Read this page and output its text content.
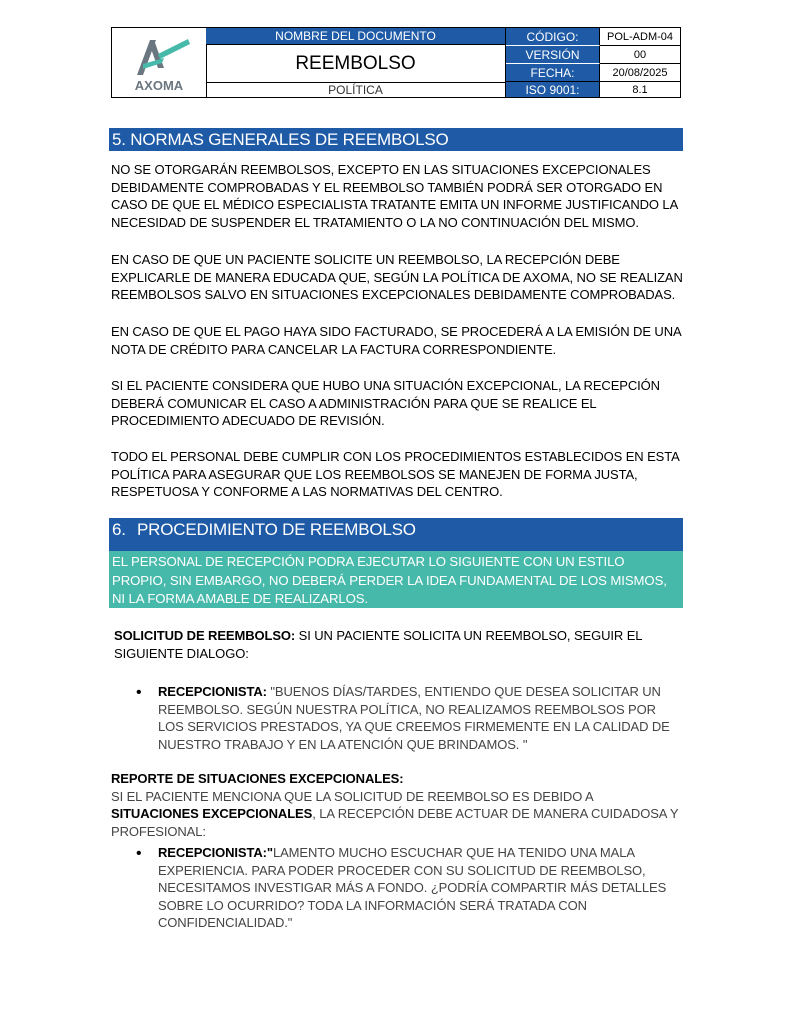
AXOMA
NOMBRE DEL DOCUMENTO
REEMBOLSO
POLÍTICA
CÓDIGO:
VERSIÓN
FECHA:
ISO 9001:
POL-ADM-04
00
20/08/2025
8.1
5. NORMAS GENERALES DE REEMBOLSO
NO SE OTORGARÁN REEMBOLSOS, EXCEPTO EN LAS SITUACIONES EXCEPCIONALES DEBIDAMENTE COMPROBADAS Y EL REEMBOLSO TAMBIÉN PODRÁ SER OTORGADO EN CASO DE QUE EL MÉDICO ESPECIALISTA TRATANTE EMITA UN INFORME JUSTIFICANDO LA NECESIDAD DE SUSPENDER EL TRATAMIENTO O LA NO CONTINUACIÓN DEL MISMO.
EN CASO DE QUE UN PACIENTE SOLICITE UN REEMBOLSO, LA RECEPCIÓN DEBE EXPLICARLE DE MANERA EDUCADA QUE, SEGÚN LA POLÍTICA DE AXOMA, NO SE REALIZAN REEMBOLSOS SALVO EN SITUACIONES EXCEPCIONALES DEBIDAMENTE COMPROBADAS.
EN CASO DE QUE EL PAGO HAYA SIDO FACTURADO, SE PROCEDERÁ A LA EMISIÓN DE UNA NOTA DE CRÉDITO PARA CANCELAR LA FACTURA CORRESPONDIENTE.
SI EL PACIENTE CONSIDERA QUE HUBO UNA SITUACIÓN EXCEPCIONAL, LA RECEPCIÓN DEBERÁ COMUNICAR EL CASO A ADMINISTRACIÓN PARA QUE SE REALICE EL PROCEDIMIENTO ADECUADO DE REVISIÓN.
TODO EL PERSONAL DEBE CUMPLIR CON LOS PROCEDIMIENTOS ESTABLECIDOS EN ESTA POLÍTICA PARA ASEGURAR QUE LOS REEMBOLSOS SE MANEJEN DE FORMA JUSTA, RESPETUOSA Y CONFORME A LAS NORMATIVAS DEL CENTRO.
6. PROCEDIMIENTO DE REEMBOLSO
EL PERSONAL DE RECEPCIÓN PODRA EJECUTAR LO SIGUIENTE CON UN ESTILO PROPIO, SIN EMBARGO, NO DEBERÁ PERDER LA IDEA FUNDAMENTAL DE LOS MISMOS, NI LA FORMA AMABLE DE REALIZARLOS.
SOLICITUD DE REEMBOLSO: SI UN PACIENTE SOLICITA UN REEMBOLSO, SEGUIR EL SIGUIENTE DIALOGO:
• RECEPCIONISTA: "BUENOS DÍAS/TARDES, ENTIENDO QUE DESEA SOLICITAR UN REEMBOLSO. SEGÚN NUESTRA POLÍTICA, NO REALIZAMOS REEMBOLSOS POR LOS SERVICIOS PRESTADOS, YA QUE CREEMOS FIRMEMENTE EN LA CALIDAD DE NUESTRO TRABAJO Y EN LA ATENCIÓN QUE BRINDAMOS. "
REPORTE DE SITUACIONES EXCEPCIONALES:
SI EL PACIENTE MENCIONA QUE LA SOLICITUD DE REEMBOLSO ES DEBIDO A SITUACIONES EXCEPCIONALES, LA RECEPCIÓN DEBE ACTUAR DE MANERA CUIDADOSA Y PROFESIONAL:
• RECEPCIONISTA:"LAMENTO MUCHO ESCUCHAR QUE HA TENIDO UNA MALA EXPERIENCIA. PARA PODER PROCEDER CON SU SOLICITUD DE REEMBOLSO, NECESITAMOS INVESTIGAR MÁS A FONDO. ¿PODRÍA COMPARTIR MÁS DETALLES SOBRE LO OCURRIDO? TODA LA INFORMACIÓN SERÁ TRATADA CON CONFIDENCIALIDAD."
